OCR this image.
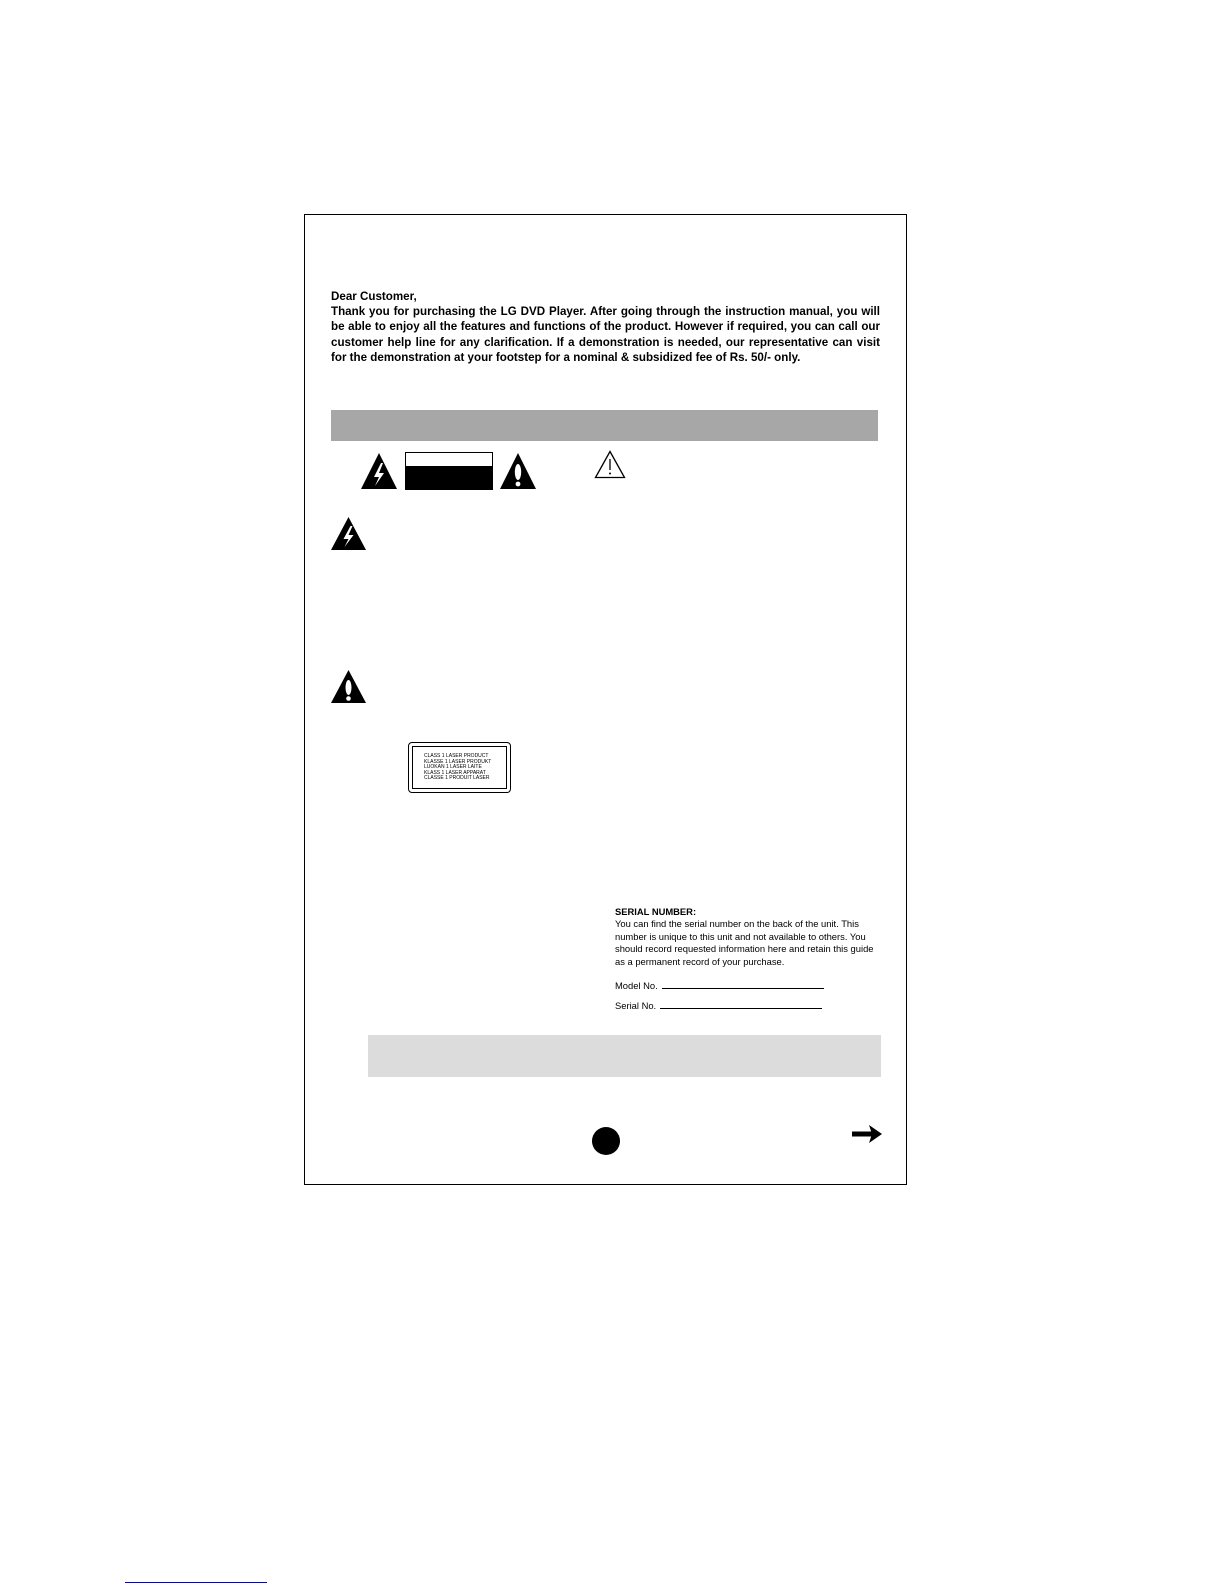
Dear Customer,
Thank you for purchasing the LG DVD Player. After going through the instruction manual, you will be able to enjoy all the features and functions of the product. However if required, you can call our customer help line for any clarification. If a demonstration is needed, our representative can visit for the demonstration at your footstep for a nominal & subsidized fee of Rs. 50/- only.
CLASS 1 LASER PRODUCT
KLASSE 1 LASER PRODUKT
LUOKAN 1 LASER LAITE
KLASS 1 LASER APPARAT
CLASSE 1 PRODUIT LASER
SERIAL NUMBER:
You can find the serial number on the back of the unit. This number is unique to this unit and not available to others. You should record requested information here and retain this guide as a permanent record of your purchase.
Model No.
Serial No.
